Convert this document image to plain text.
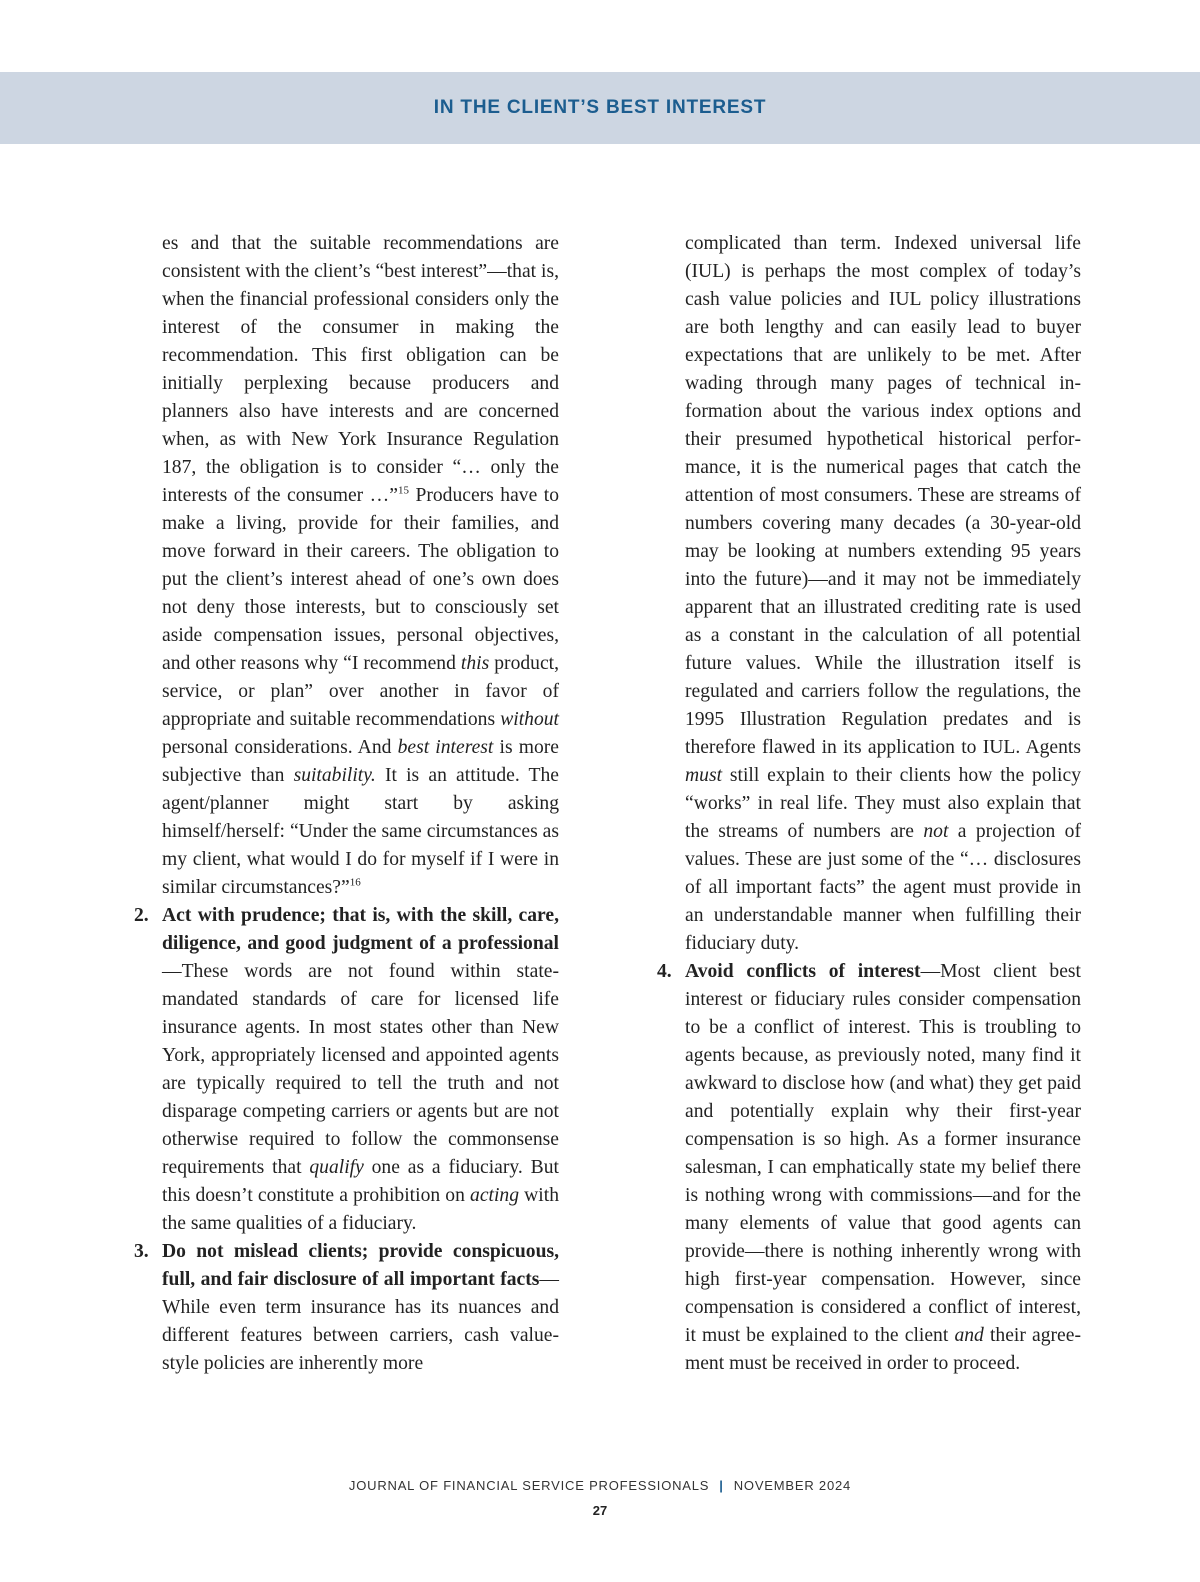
IN THE CLIENT’S BEST INTEREST

es and that the suitable recommendations are consistent with the client’s “best interest”—that is, when the financial professional considers only the interest of the consumer in making the recommendation. This first obligation can be initially perplexing because producers and planners also have interests and are concerned when, as with New York Insurance Regulation 187, the obligation is to consider “… only the interests of the consumer …”$^{15}$ Producers have to make a living, provide for their families, and move forward in their careers. The obligation to put the client’s interest ahead of one’s own does not deny those interests, but to consciously set aside compensation issues, personal objectives, and other reasons why “I recommend this product, service, or plan” over another in favor of appropriate and suitable recommendations without personal considerations. And best interest is more subjective than suitability. It is an attitude. The agent/planner might start by asking himself/herself: “Under the same circumstances as my client, what would I do for myself if I were in similar circumstances?”$^{16}$

2. Act with prudence; that is, with the skill, care, diligence, and good judgment of a professional—These words are not found within state-mandated standards of care for licensed life insurance agents. In most states other than New York, appropriately licensed and appointed agents are typically required to tell the truth and not disparage competing carriers or agents but are not otherwise required to follow the commonsense requirements that qualify one as a fiduciary. But this doesn’t constitute a prohibition on acting with the same qualities of a fiduciary.

3. Do not mislead clients; provide conspicuous, full, and fair disclosure of all important facts—While even term insurance has its nuances and different features between carriers, cash value-style policies are inherently more

complicated than term. Indexed universal life (IUL) is perhaps the most complex of today’s cash value policies and IUL policy illustrations are both lengthy and can easily lead to buyer expectations that are unlikely to be met. After wading through many pages of technical information about the various index options and their presumed hypothetical historical performance, it is the numerical pages that catch the attention of most consumers. These are streams of numbers covering many decades (a 30-year-old may be looking at numbers extending 95 years into the future)—and it may not be immediately apparent that an illustrated crediting rate is used as a constant in the calculation of all potential future values. While the illustration itself is regulated and carriers follow the regulations, the 1995 Illustration Regulation predates and is therefore flawed in its application to IUL. Agents must still explain to their clients how the policy “works” in real life. They must also explain that the streams of numbers are not a projection of values. These are just some of the “… disclosures of all important facts” the agent must provide in an understandable manner when fulfilling their fiduciary duty.

4. Avoid conflicts of interest—Most client best interest or fiduciary rules consider compensation to be a conflict of interest. This is troubling to agents because, as previously noted, many find it awkward to disclose how (and what) they get paid and potentially explain why their first-year compensation is so high. As a former insurance salesman, I can emphatically state my belief there is nothing wrong with commissions—and for the many elements of value that good agents can provide—there is nothing inherently wrong with high first-year compensation. However, since compensation is considered a conflict of interest, it must be explained to the client and their agreement must be received in order to proceed.

JOURNAL OF FINANCIAL SERVICE PROFESSIONALS | NOVEMBER 2024
27
